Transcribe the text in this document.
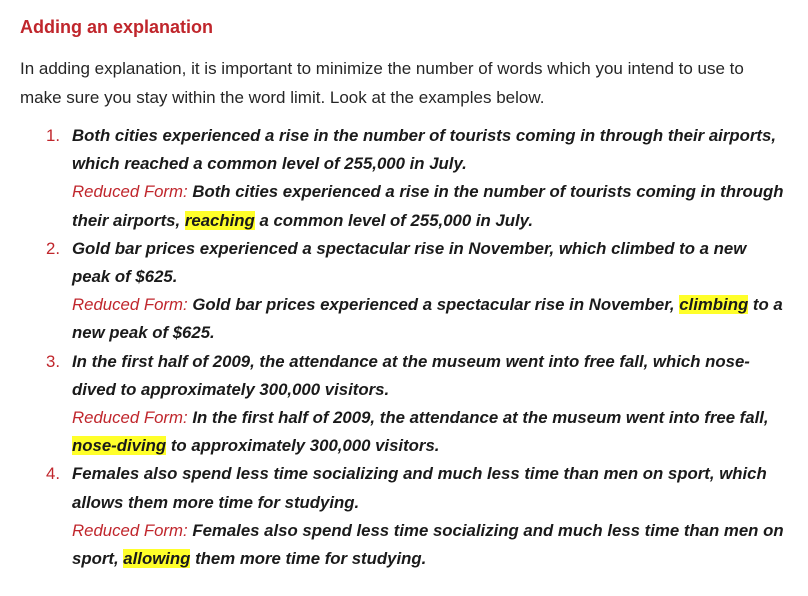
Adding an explanation

In adding explanation, it is important to minimize the number of words which you intend to use to make sure you stay within the word limit. Look at the examples below.

1. Both cities experienced a rise in the number of tourists coming in through their airports, which reached a common level of 255,000 in July.
Reduced Form: Both cities experienced a rise in the number of tourists coming in through their airports, reaching a common level of 255,000 in July.
2. Gold bar prices experienced a spectacular rise in November, which climbed to a new peak of $625.
Reduced Form: Gold bar prices experienced a spectacular rise in November, climbing to a new peak of $625.
3. In the first half of 2009, the attendance at the museum went into free fall, which nose-dived to approximately 300,000 visitors.
Reduced Form: In the first half of 2009, the attendance at the museum went into free fall, nose-diving to approximately 300,000 visitors.
4. Females also spend less time socializing and much less time than men on sport, which allows them more time for studying.
Reduced Form: Females also spend less time socializing and much less time than men on sport, allowing them more time for studying.
